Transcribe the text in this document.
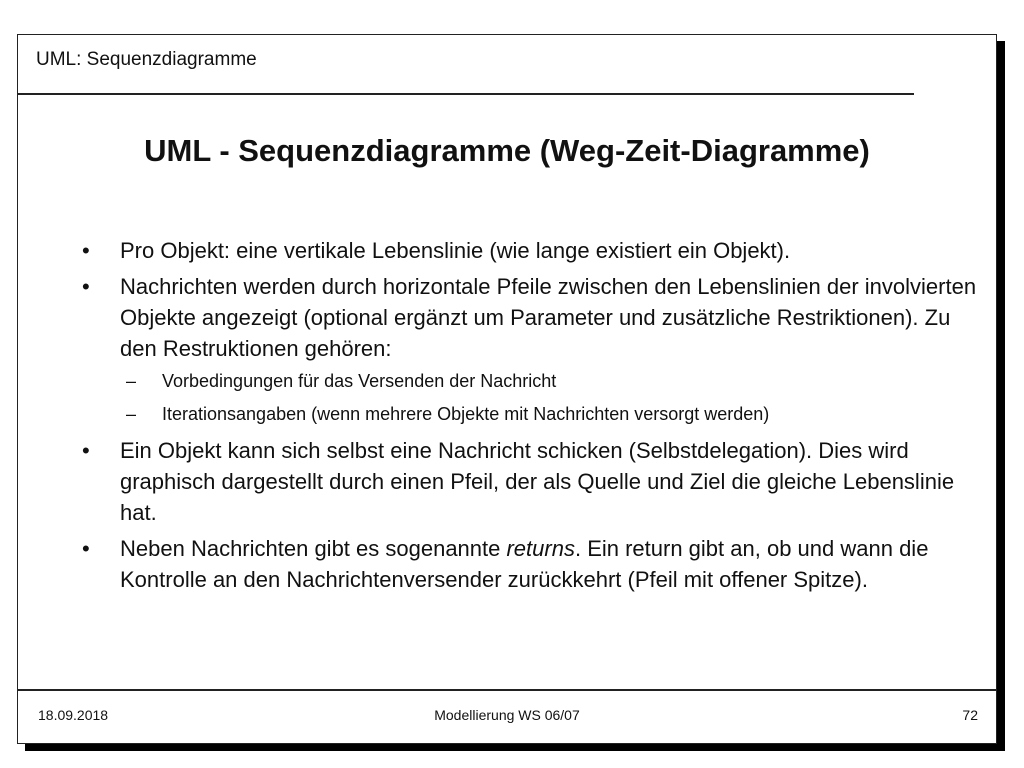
UML: Sequenzdiagramme
UML - Sequenzdiagramme (Weg-Zeit-Diagramme)
•	Pro Objekt: eine vertikale Lebenslinie (wie lange existiert ein Objekt).
•	Nachrichten werden durch horizontale Pfeile zwischen den Lebenslinien der involvierten Objekte angezeigt (optional ergänzt um Parameter und zusätzliche Restriktionen). Zu den Restruktionen gehören:
– Vorbedingungen für das Versenden der Nachricht
– Iterationsangaben (wenn mehrere Objekte mit Nachrichten versorgt werden)
•	Ein Objekt kann sich selbst eine Nachricht schicken (Selbstdelegation). Dies wird graphisch dargestellt durch einen Pfeil, der als Quelle und Ziel die gleiche Lebenslinie hat.
•	Neben Nachrichten gibt es sogenannte returns. Ein return gibt an, ob und wann die Kontrolle an den Nachrichtenversender zurückkehrt (Pfeil mit offener Spitze).
18.09.2018	Modellierung WS 06/07	72
